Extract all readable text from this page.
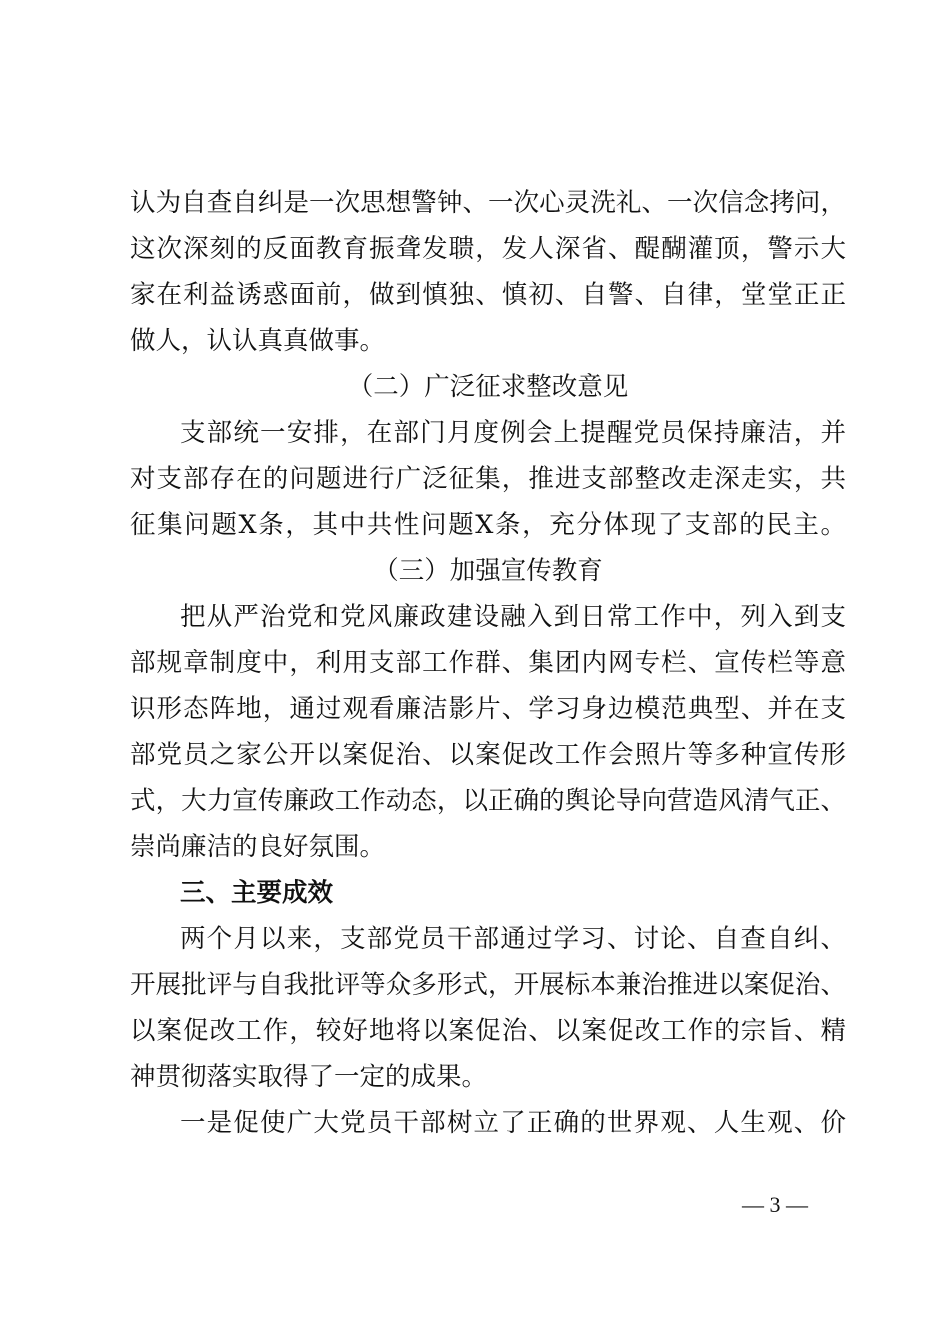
认为自查自纠是一次思想警钟、一次心灵洗礼、一次信念拷问，
这次深刻的反面教育振聋发聩，发人深省、醍醐灌顶，警示大
家在利益诱惑面前，做到慎独、慎初、自警、自律，堂堂正正
做人，认认真真做事。
（二）广泛征求整改意见
支部统一安排，在部门月度例会上提醒党员保持廉洁，并
对支部存在的问题进行广泛征集，推进支部整改走深走实，共
征集问题X条，其中共性问题X条，充分体现了支部的民主。
（三）加强宣传教育
把从严治党和党风廉政建设融入到日常工作中，列入到支
部规章制度中，利用支部工作群、集团内网专栏、宣传栏等意
识形态阵地，通过观看廉洁影片、学习身边模范典型、并在支
部党员之家公开以案促治、以案促改工作会照片等多种宣传形
式，大力宣传廉政工作动态，以正确的舆论导向营造风清气正、
崇尚廉洁的良好氛围。
三、主要成效
两个月以来，支部党员干部通过学习、讨论、自查自纠、
开展批评与自我批评等众多形式，开展标本兼治推进以案促治、
以案促改工作，较好地将以案促治、以案促改工作的宗旨、精
神贯彻落实取得了一定的成果。
一是促使广大党员干部树立了正确的世界观、人生观、价
— 3 —
